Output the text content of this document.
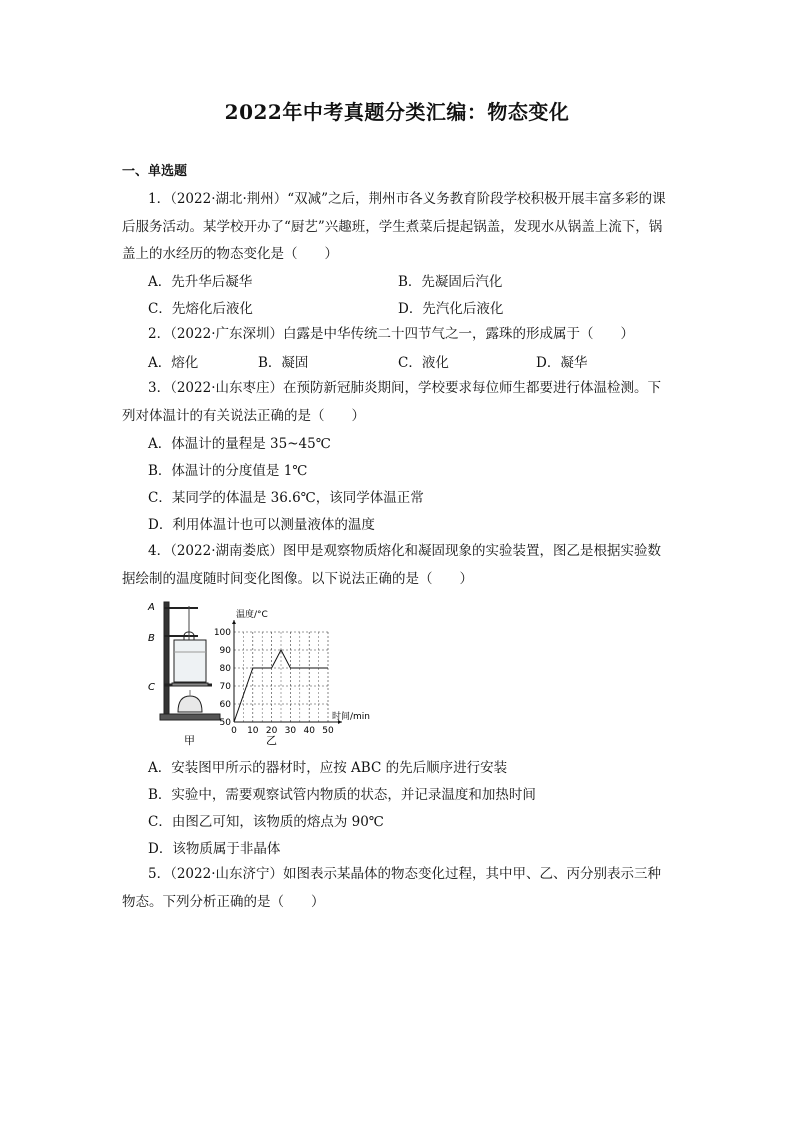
2022年中考真题分类汇编：物态变化
一、单选题
1．（2022·湖北·荆州）“双减”之后，荆州市各义务教育阶段学校积极开展丰富多彩的课
后服务活动。某学校开办了“厨艺”兴趣班，学生煮菜后提起锅盖，发现水从锅盖上流下，锅
盖上的水经历的物态变化是（　　）
A．先升华后凝华	B．先凝固后汽化
C．先熔化后液化	D．先汽化后液化
2．（2022·广东深圳）白露是中华传统二十四节气之一，露珠的形成属于（　　）
A．熔化	B．凝固	C．液化	D．凝华
3．（2022·山东枣庄）在预防新冠肺炎期间，学校要求每位师生都要进行体温检测。下
列对体温计的有关说法正确的是（　　）
A．体温计的量程是 35~45℃
B．体温计的分度值是 1℃
C．某同学的体温是 36.6℃，该同学体温正常
D．利用体温计也可以测量液体的温度
4．（2022·湖南娄底）图甲是观察物质熔化和凝固现象的实验装置，图乙是根据实验数
据绘制的温度随时间变化图像。以下说法正确的是（　　）
A
B
C
甲
0 10 20 30 40 50
50
60
70
80
90
100
温度/°C
时间/min
乙
A．安装图甲所示的器材时，应按 ABC 的先后顺序进行安装
B．实验中，需要观察试管内物质的状态，并记录温度和加热时间
C．由图乙可知，该物质的熔点为 90℃
D．该物质属于非晶体
5．（2022·山东济宁）如图表示某晶体的物态变化过程，其中甲、乙、丙分别表示三种
物态。下列分析正确的是（　　）
